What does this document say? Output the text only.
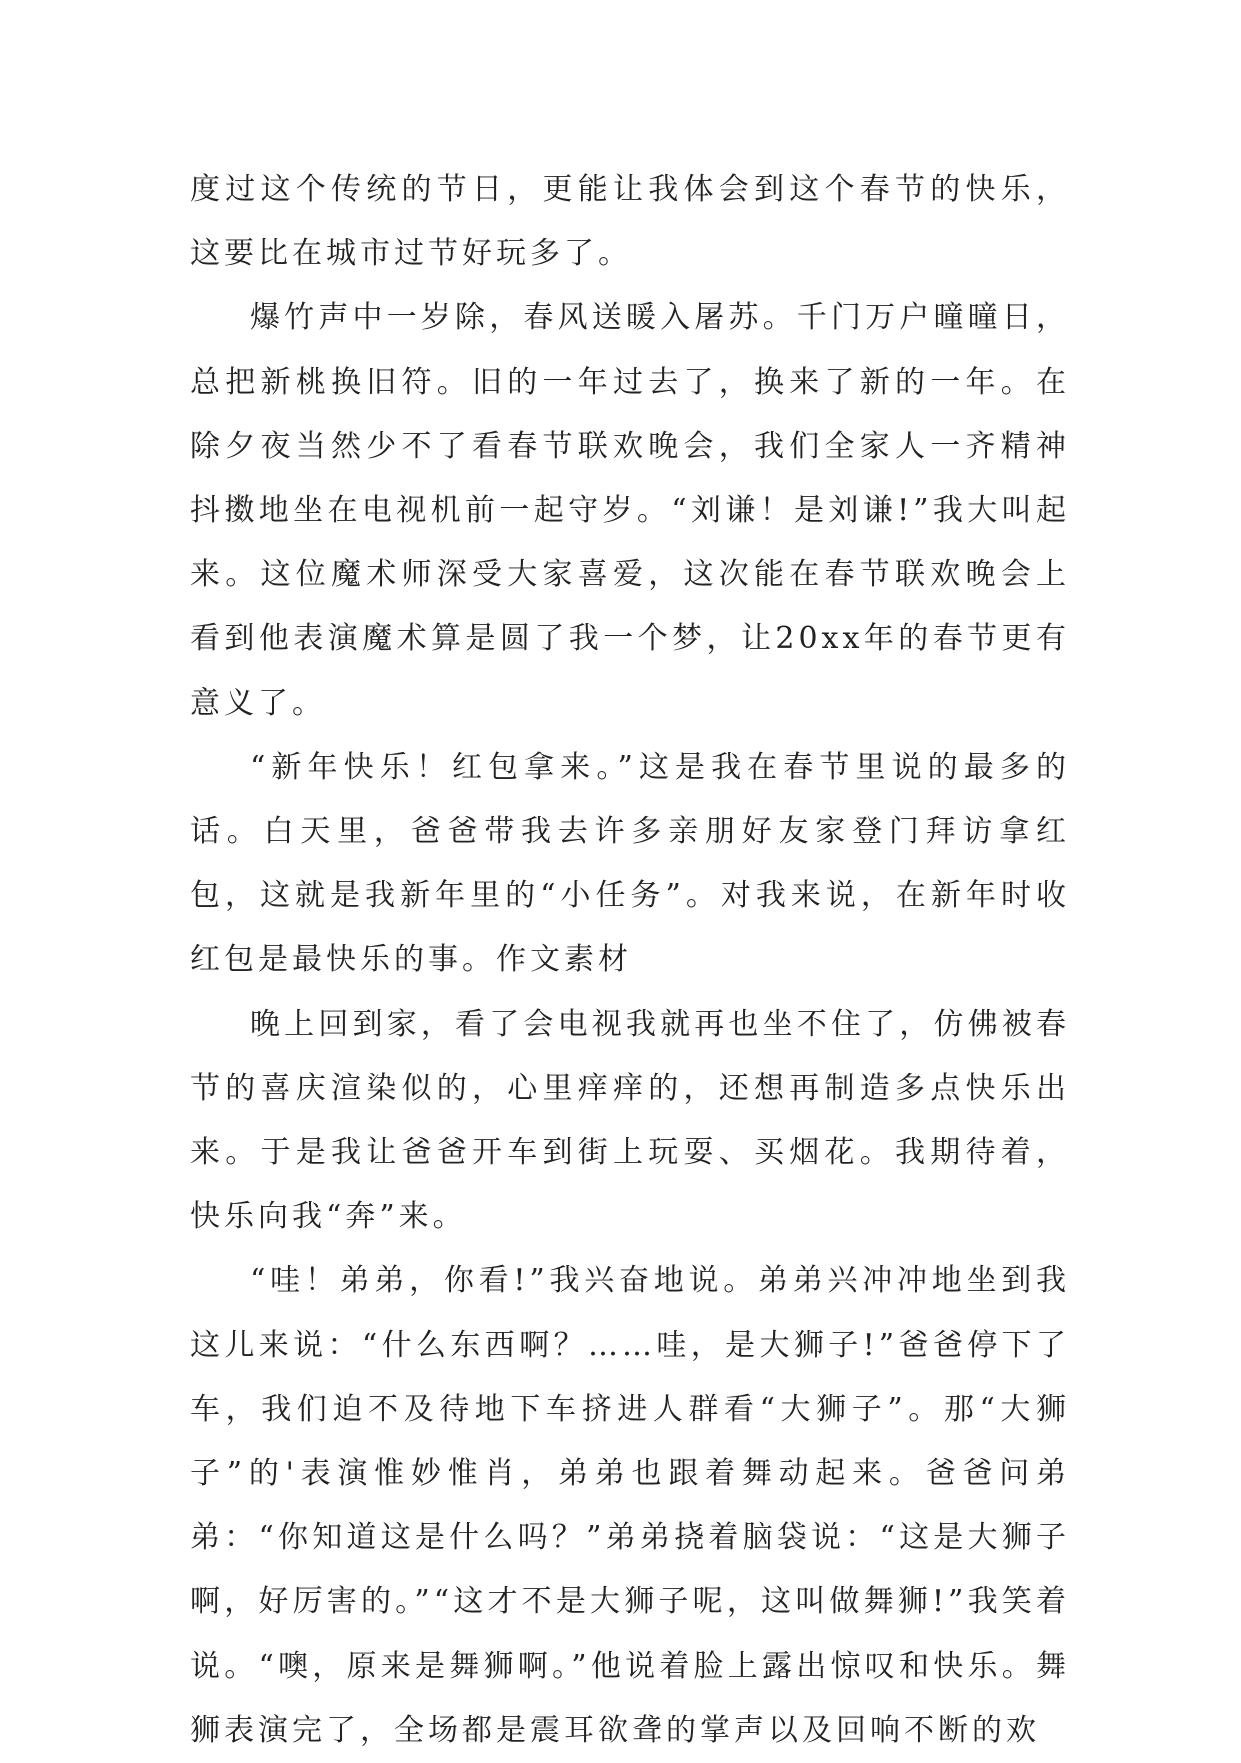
度过这个传统的节日，更能让我体会到这个春节的快乐，这要比在城市过节好玩多了。

爆竹声中一岁除，春风送暖入屠苏。千门万户曈曈日，总把新桃换旧符。旧的一年过去了，换来了新的一年。在除夕夜当然少不了看春节联欢晚会，我们全家人一齐精神抖擞地坐在电视机前一起守岁。“刘谦！是刘谦!”我大叫起来。这位魔术师深受大家喜爱，这次能在春节联欢晚会上看到他表演魔术算是圆了我一个梦，让20xx年的春节更有意义了。

“新年快乐！红包拿来。”这是我在春节里说的最多的话。白天里，爸爸带我去许多亲朋好友家登门拜访拿红包，这就是我新年里的“小任务”。对我来说，在新年时收红包是最快乐的事。作文素材

晚上回到家，看了会电视我就再也坐不住了，仿佛被春节的喜庆渲染似的，心里痒痒的，还想再制造多点快乐出来。于是我让爸爸开车到街上玩耍、买烟花。我期待着，快乐向我“奔”来。

“哇！弟弟，你看!”我兴奋地说。弟弟兴冲冲地坐到我这儿来说：“什么东西啊？……哇，是大狮子!”爸爸停下了车，我们迫不及待地下车挤进人群看“大狮子”。那“大狮子”的'表演惟妙惟肖，弟弟也跟着舞动起来。爸爸问弟弟：“你知道这是什么吗？”弟弟挠着脑袋说：“这是大狮子啊，好厉害的。”“这才不是大狮子呢，这叫做舞狮!”我笑着说。“噢，原来是舞狮啊。”他说着脸上露出惊叹和快乐。舞狮表演完了，全场都是震耳欲聋的掌声以及回响不断的欢
